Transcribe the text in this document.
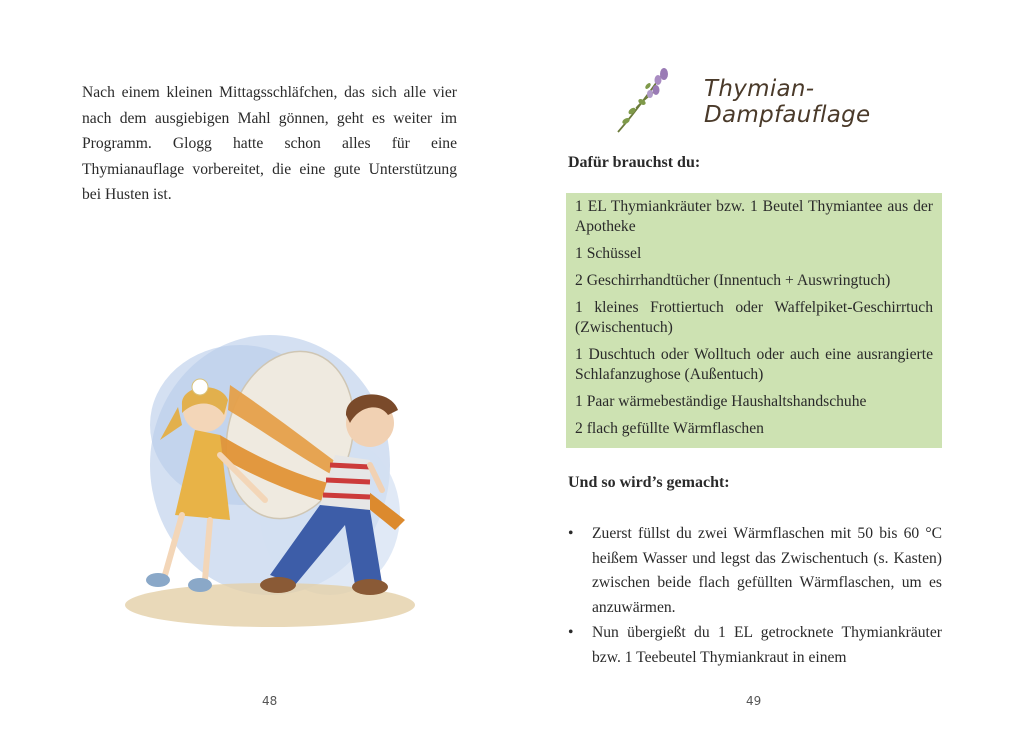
Nach einem kleinen Mittagsschläfchen, das sich alle vier nach dem ausgiebigen Mahl gönnen, geht es weiter im Programm. Glogg hatte schon alles für eine Thymianauflage vorbereitet, die eine gute Unterstützung bei Husten ist.

48
Thymian-Dampfauflage
Dafür brauchst du:
1 EL Thymiankräuter bzw. 1 Beutel Thymiantee aus der Apotheke
1 Schüssel
2 Geschirrhandtücher (Innentuch + Auswringtuch)
1 kleines Frottiertuch oder Waffelpiket-Geschirrtuch (Zwischentuch)
1 Duschtuch oder Wolltuch oder auch eine ausrangierte Schlafanzughose (Außentuch)
1 Paar wärmebeständige Haushaltshandschuhe
2 flach gefüllte Wärmflaschen
Und so wird’s gemacht:
• Zuerst füllst du zwei Wärmflaschen mit 50 bis 60 °C heißem Wasser und legst das Zwischentuch (s. Kasten) zwischen beide flach gefüllten Wärmflaschen, um es anzuwärmen.
• Nun übergießt du 1 EL getrocknete Thymiankräuter bzw. 1 Teebeutel Thymiankraut in einem
49
